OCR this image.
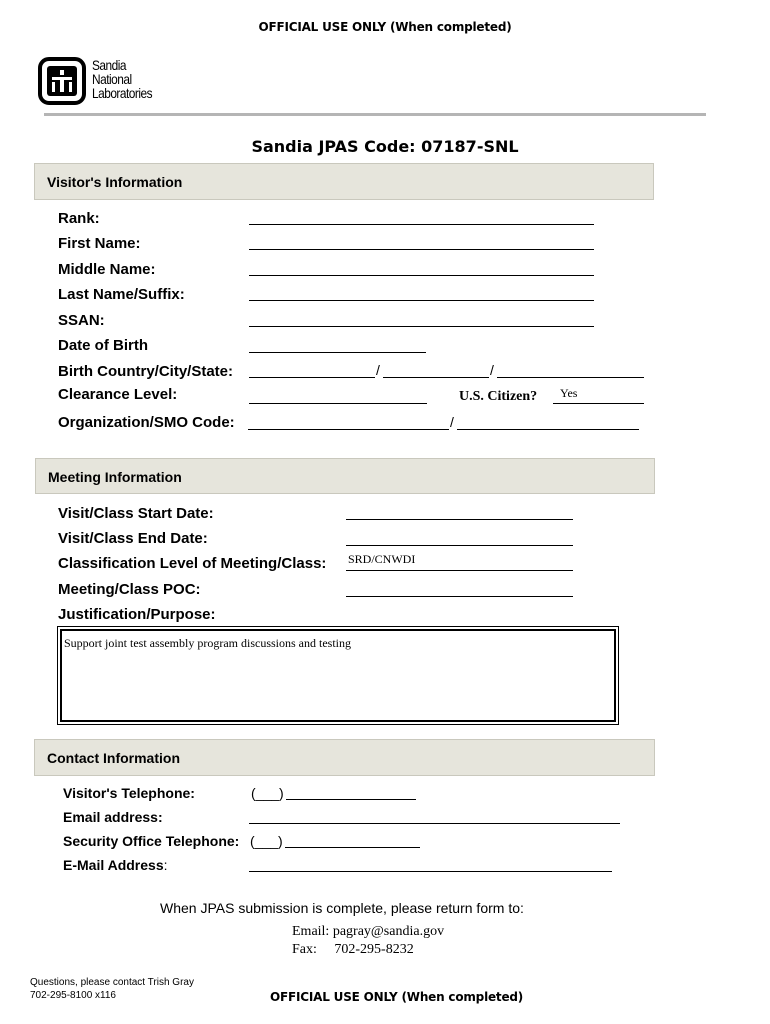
OFFICIAL USE ONLY (When completed)
Sandia
National
Laboratories
Sandia JPAS Code: 07187-SNL
Visitor's Information
Rank:
First Name:
Middle Name:
Last Name/Suffix:
SSAN:
Date of Birth
Birth Country/City/State:	/	/
Clearance Level:	U.S. Citizen? Yes
Organization/SMO Code:	/
Meeting Information
Visit/Class Start Date:
Visit/Class End Date:
Classification Level of Meeting/Class: SRD/CNWDI
Meeting/Class POC:
Justification/Purpose:
Support joint test assembly program discussions and testing
Contact Information
Visitor's Telephone:	(___)
Email address:
Security Office Telephone: (___)
E-Mail Address:
When JPAS submission is complete, please return form to:
Email: pagray@sandia.gov
Fax:     702-295-8232
Questions, please contact Trish Gray
702-295-8100 x116	OFFICIAL USE ONLY (When completed)
